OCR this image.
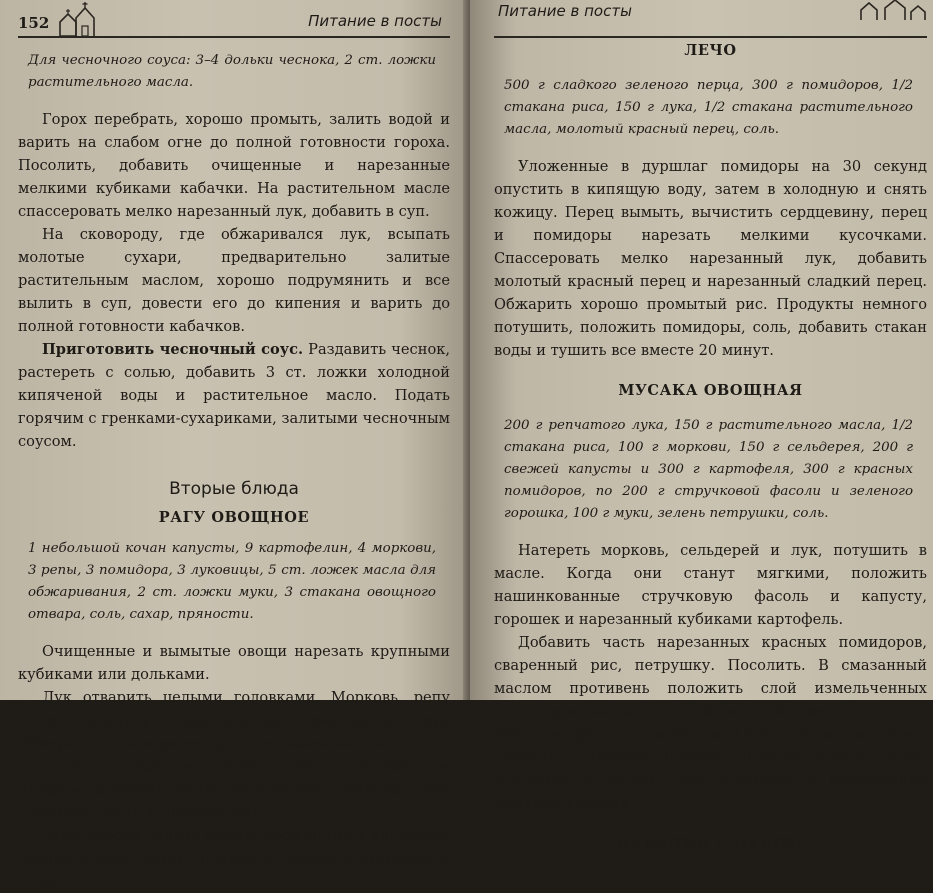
152	Питание в посты

Для чесночного соуса: 3–4 дольки чеснока, 2 ст. ложки растительного масла.

Горох перебрать, хорошо промыть, залить водой и варить на слабом огне до полной готовности гороха. Посолить, добавить очищенные и нарезанные мелкими кубиками кабачки. На растительном масле спассеровать мелко нарезанный лук, добавить в суп.

На сковороду, где обжаривался лук, всыпать молотые сухари, предварительно залитые растительным маслом, хорошо подрумянить и все вылить в суп, довести его до кипения и варить до полной готовности кабачков.

Приготовить чесночный соус. Раздавить чеснок, растереть с солью, добавить 3 ст. ложки холодной кипяченой воды и растительное масло. Подать горячим с гренками-сухариками, залитыми чесночным соусом.

Вторые блюда
РАГУ ОВОЩНОЕ

1 небольшой кочан капусты, 9 картофелин, 4 моркови, 3 репы, 3 помидора, 3 луковицы, 5 ст. ложек масла для обжаривания, 2 ст. ложки муки, 3 стакана овощного отвара, соль, сахар, пряности.

Очищенные и вымытые овощи нарезать крупными кубиками или дольками.

Лук отварить целыми головками. Морковь, репу тушить, капусту отварить в воде, картофель и лук обжарить на сковороде с растительным маслом.

Отдельно поджарить муку, развести ее овощным отваром, добавить мелко нарезанные помидоры или томатную пасту и прокипятить.

Этим соусом залить овощи, сложенные в кастрюле, добавить соль, сахар, пряности, накрыть крышкой и тушить 15–

Питание в посты
ЛЕЧО

500 г сладкого зеленого перца, 300 г помидоров, 1/2 стакана риса, 150 г лука, 1/2 стакана растительного масла, молотый красный перец, соль.

Уложенные в дуршлаг помидоры на 30 секунд опустить в кипящую воду, затем в холодную и снять кожицу. Перец вымыть, вычистить сердцевину, перец и помидоры нарезать мелкими кусочками. Спассеровать мелко нарезанный лук, добавить молотый красный перец и нарезанный сладкий перец. Обжарить хорошо промытый рис. Продукты немного потушить, положить помидоры, соль, добавить стакан воды и тушить все вместе 20 минут.

МУСАКА ОВОЩНАЯ

200 г репчатого лука, 150 г растительного масла, 1/2 стакана риса, 100 г моркови, 150 г сельдерея, 200 г свежей капусты и 300 г картофеля, 300 г красных помидоров, по 200 г стручковой фасоли и зеленого горошка, 100 г муки, зелень петрушки, соль.

Натереть морковь, сельдерей и лук, потушить в масле. Когда они станут мягкими, положить нашинкованные стручковую фасоль и капусту, горошек и нарезанный кубиками картофель.

Добавить часть нарезанных красных помидоров, сваренный рис, петрушку. Посолить. В смазанный маслом противень положить слой измельченных помидоров, на них — слой овощной смеси, потом — ломтики красных помидоров. В конце залить маслом и запекать в духовке 30 минут. В конце залить соусом «Бешамель». Запечь снова в духовке до образования румяной корочки.

КАБАЧКИ С ЛУКОМ
